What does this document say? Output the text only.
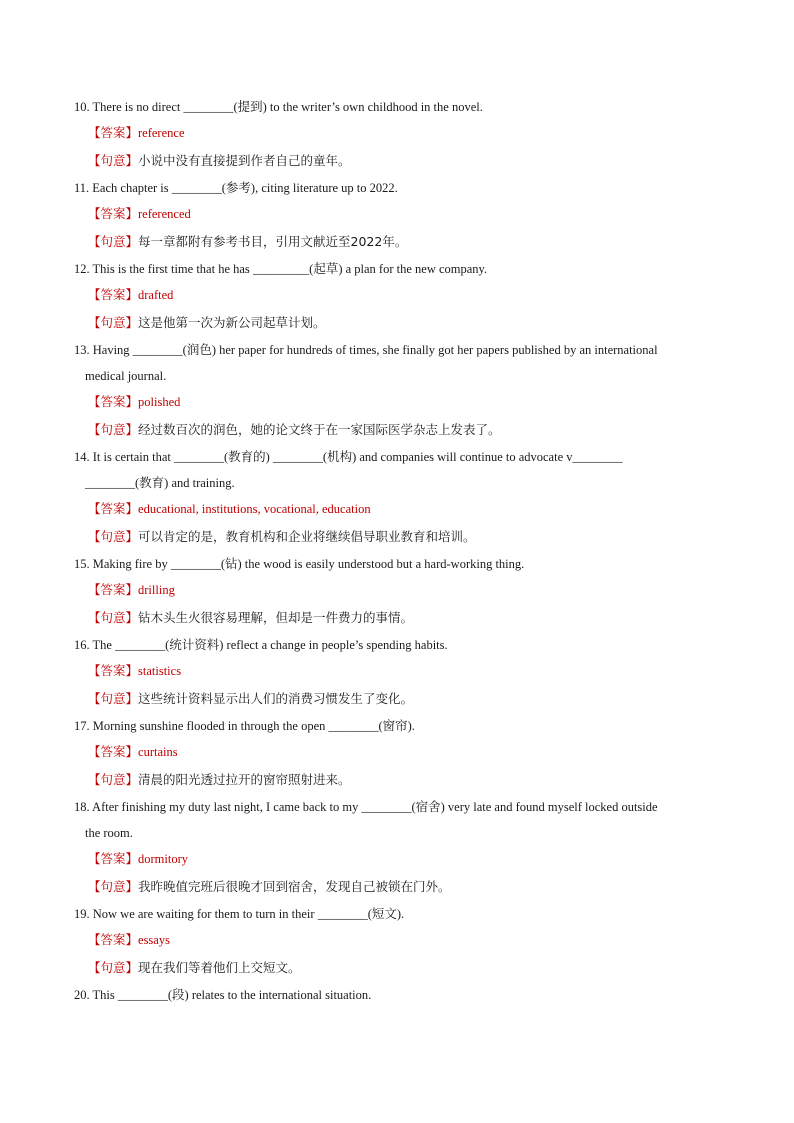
10. There is no direct ________(提到) to the writer’s own childhood in the novel.

【答案】reference

【句意】小说中没有直接提到作者自己的童年。

11. Each chapter is ________(参考), citing literature up to 2022.

【答案】referenced

【句意】每一章都附有参考书目，引用文献近至2022年。

12. This is the first time that he has _________(起草) a plan for the new company.

【答案】drafted

【句意】这是他第一次为新公司起草计划。

13. Having ________(润色) her paper for hundreds of times, she finally got her papers published by an international

medical journal.

【答案】polished

【句意】经过数百次的润色，她的论文终于在一家国际医学杂志上发表了。

14. It is certain that ________(教育的) ________(机构) and companies will continue to advocate v________

________(教育) and training.

【答案】educational, institutions, vocational, education

【句意】可以肯定的是，教育机构和企业将继续倡导职业教育和培训。

15. Making fire by ________(钻) the wood is easily understood but a hard-working thing.

【答案】drilling

【句意】钻木头生火很容易理解，但却是一件费力的事情。

16. The ________(统计资料) reflect a change in people’s spending habits.

【答案】statistics

【句意】这些统计资料显示出人们的消费习惯发生了变化。

17. Morning sunshine flooded in through the open ________(窗帘).

【答案】curtains

【句意】清晨的阳光透过拉开的窗帘照射进来。

18. After finishing my duty last night, I came back to my ________(宿舍) very late and found myself locked outside

the room.

【答案】dormitory

【句意】我昨晚值完班后很晚才回到宿舍，发现自己被锁在门外。

19. Now we are waiting for them to turn in their ________(短文).

【答案】essays

【句意】现在我们等着他们上交短文。

20. This ________(段) relates to the international situation.
